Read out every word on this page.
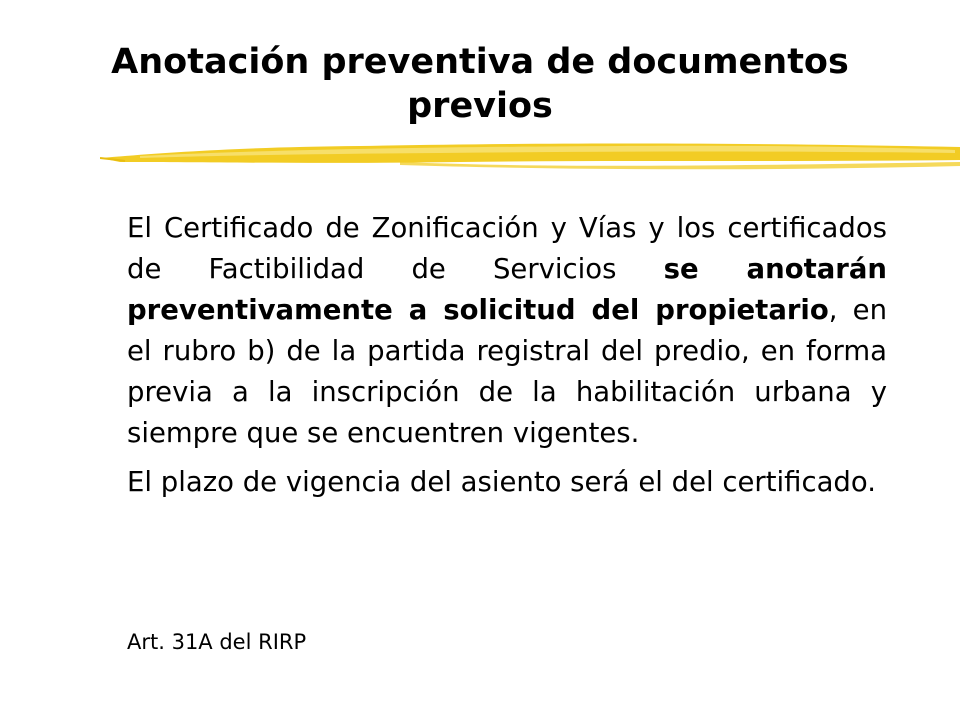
Anotación preventiva de documentos
previos

El Certificado de Zonificación y Vías y los certificados de Factibilidad de Servicios se anotarán preventivamente a solicitud del propietario, en el rubro b) de la partida registral del predio, en forma previa a la inscripción de la habilitación urbana y siempre que se encuentren vigentes.

El plazo de vigencia del asiento será el del certificado.

Art. 31A del RIRP
